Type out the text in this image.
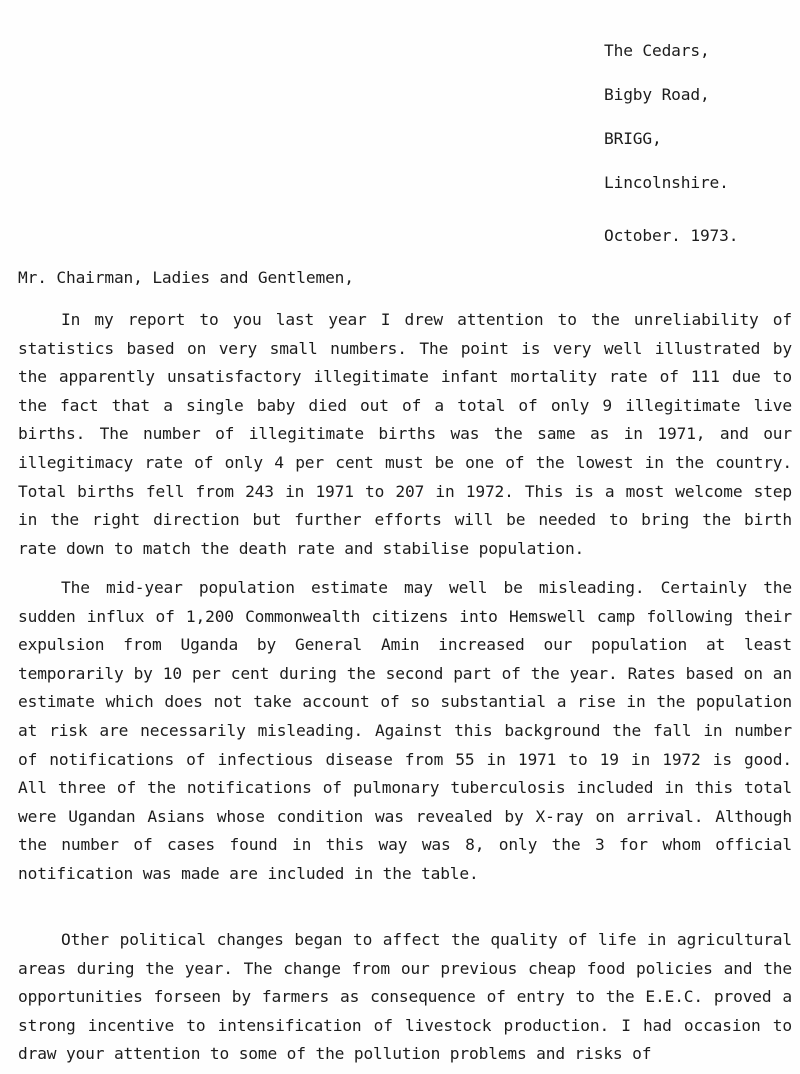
The Cedars,
Bigby Road,
BRIGG,
Lincolnshire.
October. 1973.
Mr. Chairman, Ladies and Gentlemen,

In my report to you last year I drew attention to the unreliability of statistics based on very small numbers. The point is very well illustrated by the apparently unsatisfactory illegitimate infant mortality rate of 111 due to the fact that a single baby died out of a total of only 9 illegitimate live births. The number of illegitimate births was the same as in 1971, and our illegitimacy rate of only 4 per cent must be one of the lowest in the country. Total births fell from 243 in 1971 to 207 in 1972. This is a most welcome step in the right direction but further efforts will be needed to bring the birth rate down to match the death rate and stabilise population.

The mid-year population estimate may well be misleading. Certainly the sudden influx of 1,200 Commonwealth citizens into Hemswell camp following their expulsion from Uganda by General Amin increased our population at least temporarily by 10 per cent during the second part of the year. Rates based on an estimate which does not take account of so substantial a rise in the population at risk are necessarily misleading. Against this background the fall in number of notifications of infectious disease from 55 in 1971 to 19 in 1972 is good. All three of the notifications of pulmonary tuberculosis included in this total were Ugandan Asians whose condition was revealed by X-ray on arrival. Although the number of cases found in this way was 8, only the 3 for whom official notification was made are included in the table.

Other political changes began to affect the quality of life in agricultural areas during the year. The change from our previous cheap food policies and the opportunities forseen by farmers as consequence of entry to the E.E.C. proved a strong incentive to intensification of livestock production. I had occasion to draw your attention to some of the pollution problems and risks of
